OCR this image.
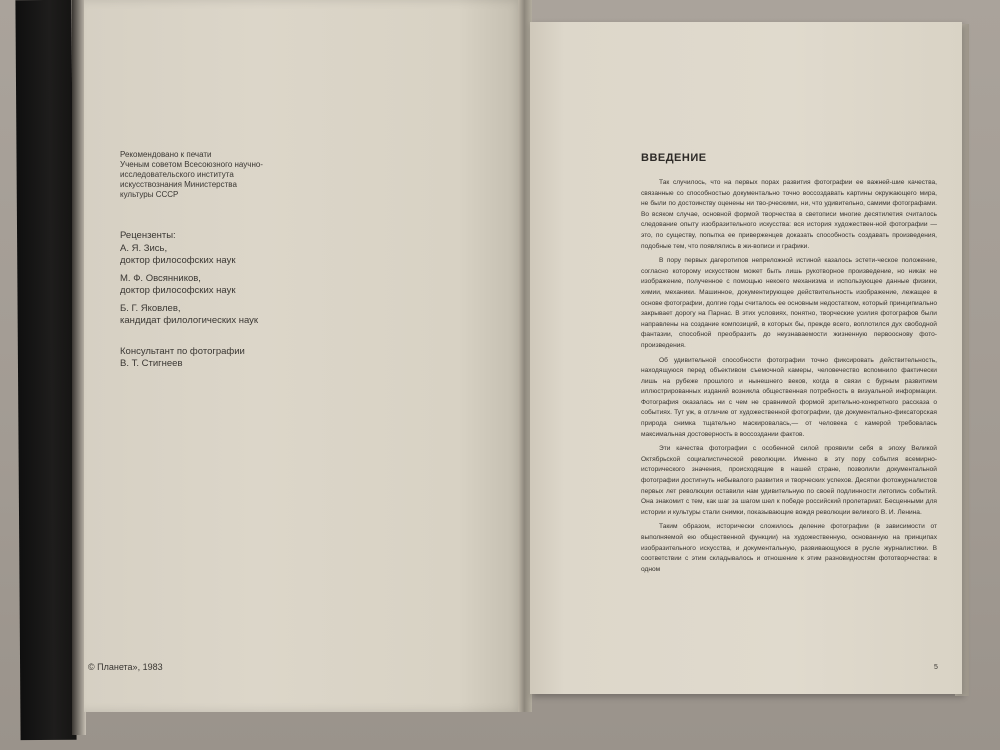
Рекомендовано к печати
Ученым советом Всесоюзного научно-
исследовательского института
искусствознания Министерства
культуры СССР
Рецензенты:
А. Я. Зись,
доктор философских наук
М. Ф. Овсянников,
доктор философских наук
Б. Г. Яковлев,
кандидат филологических наук
Консультант по фотографии
В. Т. Стигнеев
© Планета», 1983
ВВЕДЕНИЕ

Так случилось, что на первых порах развития фотографии ее важней-шие качества, связанные со способностью документально точно воссоздавать картины окружающего мира, не были по достоинству оценены ни тво-рческими, ни, что удивительно, самими фотографами. Во всяком случае, основной формой творчества в светописи многие десятилетия считалось следование опыту изобразительного искусства: вся история художествен-ной фотографии — это, по существу, попытка ее приверженцев доказать способность создавать произведения, подобные тем, что появлялись в жи-вописи и графики.

В пору первых дагеротипов непреложной истиной казалось эстети-ческое положение, согласно которому искусством может быть лишь рукотворное произведение, но никак не изображение, полученное с помощью некоего механизма и использующее данные физики, химии, механики. Машинное, документирующее действительность изображение, лежащее в основе фотографии, долгие годы считалось ее основным недостатком, который принципиально закрывает дорогу на Парнас. В этих условиях, понятно, творческие усилия фотографов были направлены на создание композиций, в которых бы, прежде всего, воплотился дух свободной фантазии, способной преобразить до неузнаваемости жизненную первооснову фото-произведения.

Об удивительной способности фотографии точно фиксировать действительность, находящуюся перед объективом съемочной камеры, человечество вспомнило фактически лишь на рубеже прошлого и нынешнего веков, когда в связи с бурным развитием иллюстрированных изданий возникла общественная потребность в визуальной информации. Фотография оказалась ни с чем не сравнимой формой зрительно-конкретного рассказа о событиях. Тут уж, в отличие от художественной фотографии, где документально-фиксаторская природа снимка тщательно маскировалась,— от человека с камерой требовалась максимальная достоверность в воссоздании фактов.

Эти качества фотографии с особенной силой проявили себя в эпоху Великой Октябрьской социалистической революции. Именно в эту пору события всемирно-исторического значения, происходящие в нашей стране, позволили документальной фотографии достигнуть небывалого развития и творческих успехов. Десятки фотожурналистов первых лет революции оставили нам удивительную по своей подлинности летопись событий. Она знакомит с тем, как шаг за шагом шел к победе российский пролетариат. Бесценными для истории и культуры стали снимки, показывающие вождя революции великого В. И. Ленина.

Таким образом, исторически сложилось деление фотографии (в зависимости от выполняемой ею общественной функции) на художественную, основанную на принципах изобразительного искусства, и документальную, развивающуюся в русле журналистики. В соответствии с этим складывалось и отношение к этим разновидностям фототворчества: в одном

5
